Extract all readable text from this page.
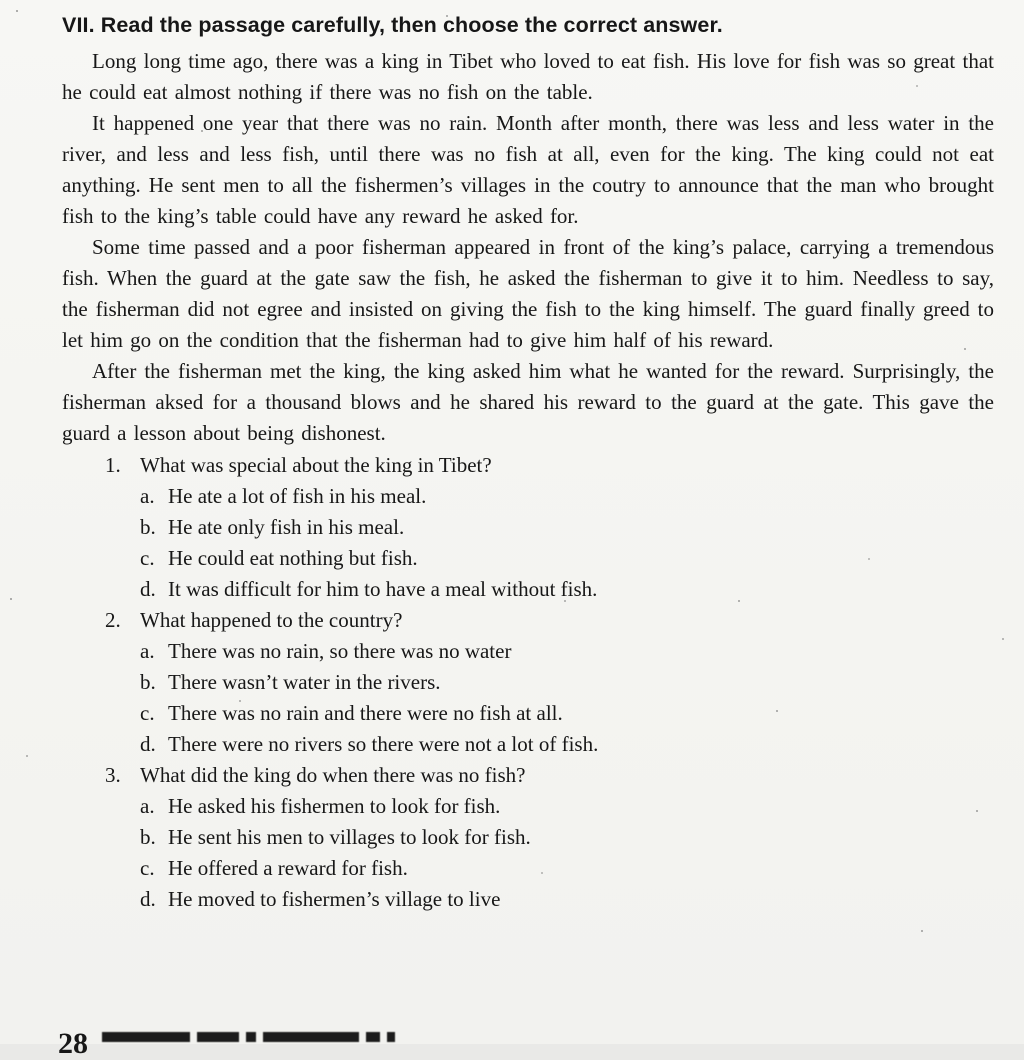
VII. Read the passage carefully, then choose the correct answer.

Long long time ago, there was a king in Tibet who loved to eat fish. His love for fish was so great that he could eat almost nothing if there was no fish on the table.

It happened one year that there was no rain. Month after month, there was less and less water in the river, and less and less fish, until there was no fish at all, even for the king. The king could not eat anything. He sent men to all the fishermen’s villages in the coutry to announce that the man who brought fish to the king’s table could have any reward he asked for.

Some time passed and a poor fisherman appeared in front of the king’s palace, carrying a tremendous fish. When the guard at the gate saw the fish, he asked the fisherman to give it to him. Needless to say, the fisherman did not egree and insisted on giving the fish to the king himself. The guard finally greed to let him go on the condition that the fisherman had to give him half of his reward.

After the fisherman met the king, the king asked him what he wanted for the reward. Surprisingly, the fisherman aksed for a thousand blows and he shared his reward to the guard at the gate. This gave the guard a lesson about being dishonest.

1. What was special about the king in Tibet?
a. He ate a lot of fish in his meal.
b. He ate only fish in his meal.
c. He could eat nothing but fish.
d. It was difficult for him to have a meal without fish.
2. What happened to the country?
a. There was no rain, so there was no water
b. There wasn’t water in the rivers.
c. There was no rain and there were no fish at all.
d. There were no rivers so there were not a lot of fish.
3. What did the king do when there was no fish?
a. He asked his fishermen to look for fish.
b. He sent his men to villages to look for fish.
c. He offered a reward for fish.
d. He moved to fishermen’s village to live
28
